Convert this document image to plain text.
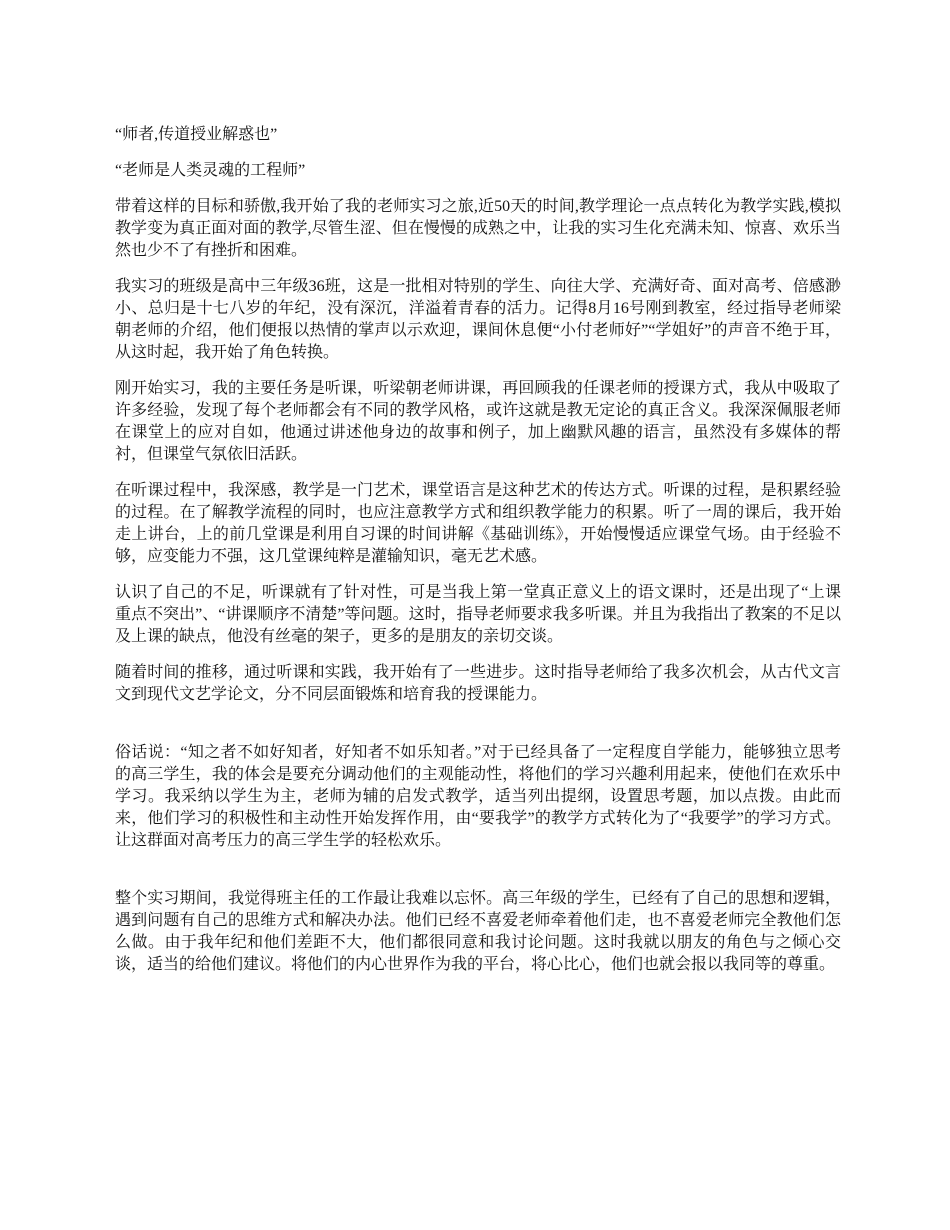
“师者,传道授业解惑也”

“老师是人类灵魂的工程师”

带着这样的目标和骄傲,我开始了我的老师实习之旅,近50天的时间,教学理论一点点转化为教学实践,模拟教学变为真正面对面的教学,尽管生涩、但在慢慢的成熟之中，让我的实习生化充满未知、惊喜、欢乐当然也少不了有挫折和困难。

我实习的班级是高中三年级36班，这是一批相对特别的学生、向往大学、充满好奇、面对高考、倍感渺小、总归是十七八岁的年纪，没有深沉，洋溢着青春的活力。记得8月16号刚到教室，经过指导老师梁朝老师的介绍，他们便报以热情的掌声以示欢迎，课间休息便“小付老师好”“学姐好”的声音不绝于耳，从这时起，我开始了角色转换。

刚开始实习，我的主要任务是听课，听梁朝老师讲课，再回顾我的任课老师的授课方式，我从中吸取了许多经验，发现了每个老师都会有不同的教学风格，或许这就是教无定论的真正含义。我深深佩服老师在课堂上的应对自如，他通过讲述他身边的故事和例子，加上幽默风趣的语言，虽然没有多媒体的帮衬，但课堂气氛依旧活跃。

在听课过程中，我深感，教学是一门艺术，课堂语言是这种艺术的传达方式。听课的过程，是积累经验的过程。在了解教学流程的同时，也应注意教学方式和组织教学能力的积累。听了一周的课后，我开始走上讲台，上的前几堂课是利用自习课的时间讲解《基础训练》，开始慢慢适应课堂气场。由于经验不够，应变能力不强，这几堂课纯粹是灌输知识，毫无艺术感。

认识了自己的不足，听课就有了针对性，可是当我上第一堂真正意义上的语文课时，还是出现了“上课重点不突出”、“讲课顺序不清楚”等问题。这时，指导老师要求我多听课。并且为我指出了教案的不足以及上课的缺点，他没有丝毫的架子，更多的是朋友的亲切交谈。

随着时间的推移，通过听课和实践，我开始有了一些进步。这时指导老师给了我多次机会，从古代文言文到现代文艺学论文，分不同层面锻炼和培育我的授课能力。

俗话说：“知之者不如好知者，好知者不如乐知者。”对于已经具备了一定程度自学能力，能够独立思考的高三学生，我的体会是要充分调动他们的主观能动性，将他们的学习兴趣利用起来，使他们在欢乐中学习。我采纳以学生为主，老师为辅的启发式教学，适当列出提纲，设置思考题，加以点拨。由此而来，他们学习的积极性和主动性开始发挥作用，由“要我学”的教学方式转化为了“我要学”的学习方式。让这群面对高考压力的高三学生学的轻松欢乐。

整个实习期间，我觉得班主任的工作最让我难以忘怀。高三年级的学生，已经有了自己的思想和逻辑，遇到问题有自己的思维方式和解决办法。他们已经不喜爱老师牵着他们走，也不喜爱老师完全教他们怎么做。由于我年纪和他们差距不大，他们都很同意和我讨论问题。这时我就以朋友的角色与之倾心交谈，适当的给他们建议。将他们的内心世界作为我的平台，将心比心，他们也就会报以我同等的尊重。
